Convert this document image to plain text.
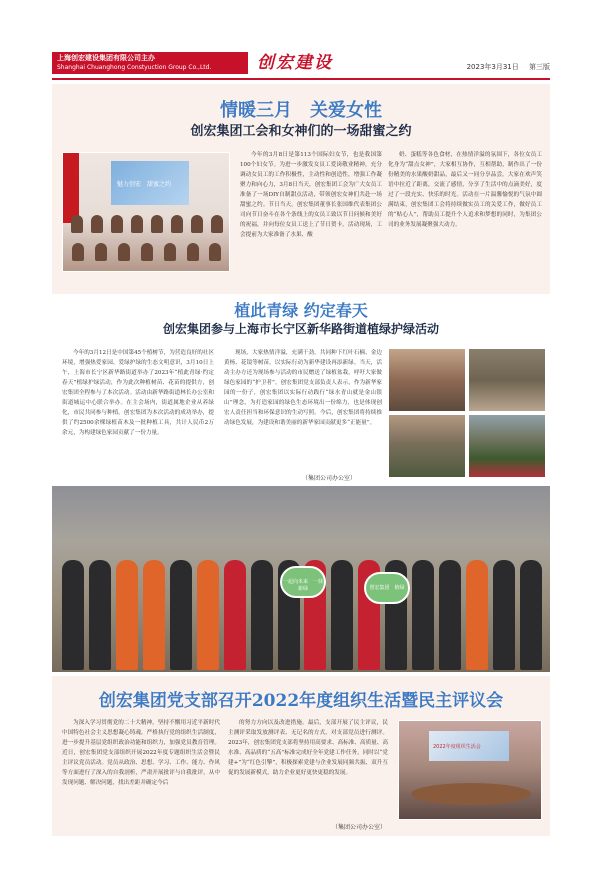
上海创宏建设集团有限公司主办
Shanghai Chuanghong Constyuction Group Co.,Ltd.	创宏建设	2023年3月31日 第三版
情暖三月　关爱女性
创宏集团工会和女神们的一场甜蜜之约
魅力创宏　甜蜜之约
今年的3月8日是第113个国际妇女节，也是我国第100个妇女节。为进一步激发女员工爱岗敬业精神，充分调动女员工的工作积极性，主动性和创造性，增强工作凝聚力和向心力，3月8日当天，创宏集团工会为广大女员工准备了一场DIY自制甜点活动，带领创宏女神们共赴一场甜蜜之约。节日当天，创宏集团董事长张国维代表集团公司向节日奋斗在各个条线上的女员工致以节日问候和美好的祝福，并向每位女员工送上了节日贺卡。活动现场，工会提前为大家准备了水果、酸
奶、蛋糕等各色食材，在热情洋溢的氛围下，各位女员工化身为“甜点女神”，大家相互协作，互相帮助，制作出了一份份精美的水果酸奶甜品，最后又一同分享品尝。大家在欢声笑语中拉近了距离，交流了感情，分享了生活中的点滴美好，度过了一段充实、快乐的时光。活动在一片温馨愉悦的气氛中圆满结束，创宏集团工会将持续做实员工的关爱工作，做好员工的“贴心人”，帮助员工提升个人追求和梦想的同时，为集团公司的业务发展凝聚强大动力。
植此青绿 约定春天
创宏集团参与上海市长宁区新华路街道植绿护绿活动
今年的3月12日是中国第45个植树节，为营造良好的社区环境，增强热爱家园、爱绿护绿的生态文明意识，3月10日上午，上海市长宁区新华路街道举办了2023年“植此青绿·约定春天”植绿护绿活动，作为此次种植树苗、花苗的提供方，创宏集团全程参与了本次活动。活动由新华路街道林长办公室和街道城运中心联合举办。在主会场内，街道属地企业从养绿化，市民共同参与种植。创宏集团为本次活动的成功举办，提供了约2500余棵绿植苗木及一批种植工具，共计人民币2万余元，为构建绿色家园贡献了一份力量。
现场，大家热情洋溢，充满干劲，共同种下红叶石楠、金边黄杨、花镜等树苗，以实际行动为新华建设再添新绿。当天，活动主办方还为现场参与活动的市民赠送了绿植盆栽，呼吁大家做绿色家园的“护卫者”。创宏集团党支部负责人表示，作为新华家园的一份子，创宏集团以实际行动践行“绿水青山就是金山银山”理念，为打造家园的绿色生态环境出一份绵力，也是体现创宏人责任担当和环保意识的生动写照。今后，创宏集团将持续推动绿色发展，为建设和谐美丽的新华家园贡献更多“正能量”。
（集团公司办公室）
一起向未来　一抹新绿	创宏集团　植绿
创宏集团党支部召开2022年度组织生活暨民主评议会
为深入学习贯彻党的二十大精神，坚持不懈用习近平新时代中国特色社会主义思想凝心铸魂，严格执行党的组织生活制度，进一步提升基层党组织政治功能和组织力，加强党员教育管理。近日，创宏集团党支部组织开展2022年度专题组织生活会暨民主评议党员活动。党员从政治、思想、学习、工作、能力、作风等方面进行了深入的自我剖析，严肃开展批评与自我批评，从中发现问题、解决问题，找出差距并确定今后
的努力方向以及改进措施。最后，支部开展了民主评议，民主测评采取发放测评表、无记名的方式，对支部党员进行测评。2023年，创宏集团党支部将坚持用高要求、高标准、高质量、高水准、高品质的“五高”标准完成好全年党建工作任务，同时以“党建+”为“红色引擎”，积极探索党建与企业发展同频共振、双升互促的发展新模式，助力企业更好更快更稳的发展。
（集团公司办公室）
2022年度组织生活会
